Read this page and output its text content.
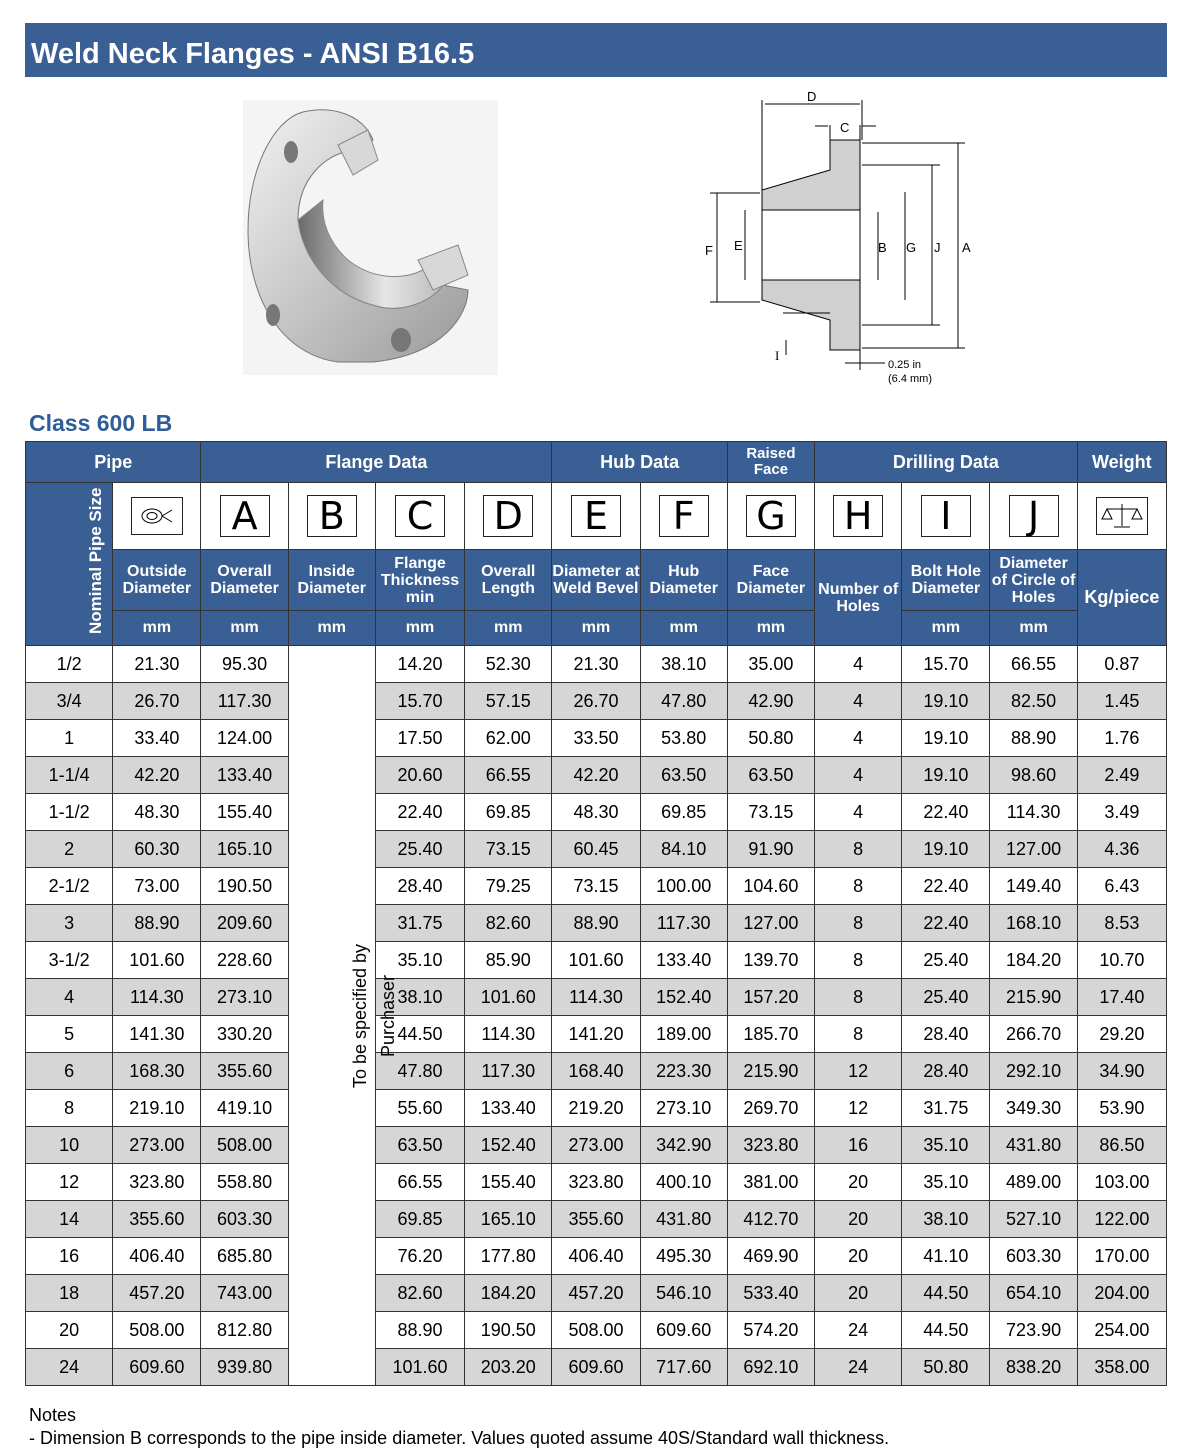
Weld Neck Flanges - ANSI B16.5
D
C
F E	B G J A
I
0.25 in
(6.4 mm)
Class 600 LB
Pipe		Flange Data				Hub Data		Raised Face	Drilling Data			Weight
Nominal Pipe Size		A	B	C	D	E	F	G	H	I	J	
	Outside Diameter	Overall Diameter	Inside Diameter	Flange Thickness min	Overall Length	Diameter at Weld Bevel	Hub Diameter	Face Diameter	Number of Holes	Bolt Hole Diameter	Diameter of Circle of Holes	Kg/piece
	mm	mm	mm	mm	mm	mm	mm	mm		mm	mm	
1/2	21.30	95.30	To be specified by Purchaser	14.20	52.30	21.30	38.10	35.00	4	15.70	66.55	0.87
3/4	26.70	117.30		15.70	57.15	26.70	47.80	42.90	4	19.10	82.50	1.45
1	33.40	124.00		17.50	62.00	33.50	53.80	50.80	4	19.10	88.90	1.76
1-1/4	42.20	133.40		20.60	66.55	42.20	63.50	63.50	4	19.10	98.60	2.49
1-1/2	48.30	155.40		22.40	69.85	48.30	69.85	73.15	4	22.40	114.30	3.49
2	60.30	165.10		25.40	73.15	60.45	84.10	91.90	8	19.10	127.00	4.36
2-1/2	73.00	190.50		28.40	79.25	73.15	100.00	104.60	8	22.40	149.40	6.43
3	88.90	209.60		31.75	82.60	88.90	117.30	127.00	8	22.40	168.10	8.53
3-1/2	101.60	228.60		35.10	85.90	101.60	133.40	139.70	8	25.40	184.20	10.70
4	114.30	273.10		38.10	101.60	114.30	152.40	157.20	8	25.40	215.90	17.40
5	141.30	330.20		44.50	114.30	141.20	189.00	185.70	8	28.40	266.70	29.20
6	168.30	355.60		47.80	117.30	168.40	223.30	215.90	12	28.40	292.10	34.90
8	219.10	419.10		55.60	133.40	219.20	273.10	269.70	12	31.75	349.30	53.90
10	273.00	508.00		63.50	152.40	273.00	342.90	323.80	16	35.10	431.80	86.50
12	323.80	558.80		66.55	155.40	323.80	400.10	381.00	20	35.10	489.00	103.00
14	355.60	603.30		69.85	165.10	355.60	431.80	412.70	20	38.10	527.10	122.00
16	406.40	685.80		76.20	177.80	406.40	495.30	469.90	20	41.10	603.30	170.00
18	457.20	743.00		82.60	184.20	457.20	546.10	533.40	20	44.50	654.10	204.00
20	508.00	812.80		88.90	190.50	508.00	609.60	574.20	24	44.50	723.90	254.00
24	609.60	939.80		101.60	203.20	609.60	717.60	692.10	24	50.80	838.20	358.00
Notes
- Dimension B corresponds to the pipe inside diameter. Values quoted assume 40S/Standard wall thickness.
